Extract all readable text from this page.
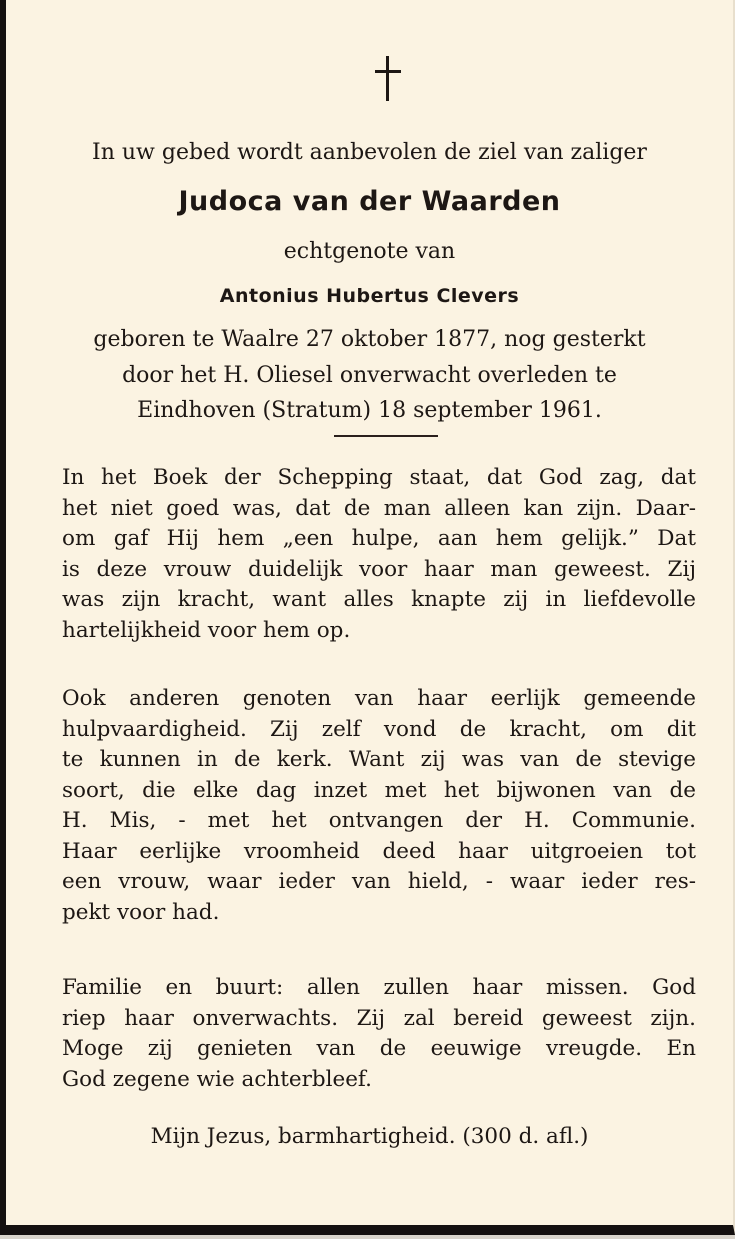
In uw gebed wordt aanbevolen de ziel van zaliger
Judoca van der Waarden
echtgenote van
Antonius Hubertus Clevers
geboren te Waalre 27 oktober 1877, nog gesterkt
door het H. Oliesel onverwacht overleden te
Eindhoven (Stratum) 18 september 1961.
In het Boek der Schepping staat, dat God zag, dat
het niet goed was, dat de man alleen kan zijn. Daar-
om gaf Hij hem „een hulpe, aan hem gelijk.” Dat
is deze vrouw duidelijk voor haar man geweest. Zij
was zijn kracht, want alles knapte zij in liefdevolle
hartelijkheid voor hem op.
Ook anderen genoten van haar eerlijk gemeende
hulpvaardigheid. Zij zelf vond de kracht, om dit
te kunnen in de kerk. Want zij was van de stevige
soort, die elke dag inzet met het bijwonen van de
H. Mis, - met het ontvangen der H. Communie.
Haar eerlijke vroomheid deed haar uitgroeien tot
een vrouw, waar ieder van hield, - waar ieder res-
pekt voor had.
Familie en buurt: allen zullen haar missen. God
riep haar onverwachts. Zij zal bereid geweest zijn.
Moge zij genieten van de eeuwige vreugde. En
God zegene wie achterbleef.
Mijn Jezus, barmhartigheid. (300 d. afl.)
